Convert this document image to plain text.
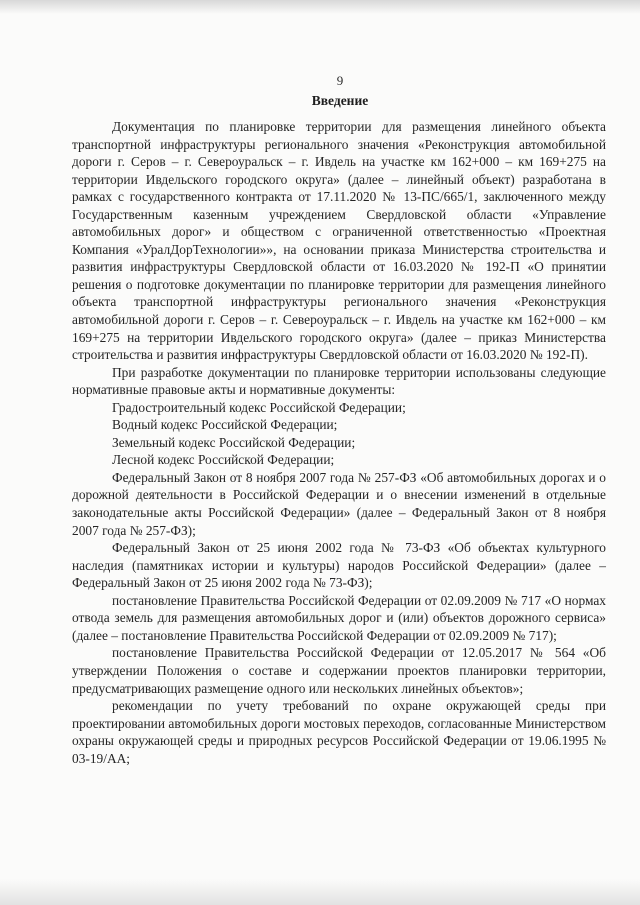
9
Введение

Документация по планировке территории для размещения линейного объекта транспортной инфраструктуры регионального значения «Реконструкция автомобильной дороги г. Серов – г. Североуральск – г. Ивдель на участке км 162+000 – км 169+275 на территории Ивдельского городского округа» (далее – линейный объект) разработана в рамках с государственного контракта от 17.11.2020 № 13-ПС/665/1, заключенного между Государственным казенным учреждением Свердловской области «Управление автомобильных дорог» и обществом с ограниченной ответственностью «Проектная Компания «УралДорТехнологии»», на основании приказа Министерства строительства и развития инфраструктуры Свердловской области от 16.03.2020 № 192-П «О принятии решения о подготовке документации по планировке территории для размещения линейного объекта транспортной инфраструктуры регионального значения «Реконструкция автомобильной дороги г. Серов – г. Североуральск – г. Ивдель на участке км 162+000 – км 169+275 на территории Ивдельского городского округа» (далее – приказ Министерства строительства и развития инфраструктуры Свердловской области от 16.03.2020 № 192-П).

При разработке документации по планировке территории использованы следующие нормативные правовые акты и нормативные документы:

Градостроительный кодекс Российской Федерации;

Водный кодекс Российской Федерации;

Земельный кодекс Российской Федерации;

Лесной кодекс Российской Федерации;

Федеральный Закон от 8 ноября 2007 года № 257-ФЗ «Об автомобильных дорогах и о дорожной деятельности в Российской Федерации и о внесении изменений в отдельные законодательные акты Российской Федерации» (далее – Федеральный Закон от 8 ноября 2007 года № 257-ФЗ);

Федеральный Закон от 25 июня 2002 года № 73-ФЗ «Об объектах культурного наследия (памятниках истории и культуры) народов Российской Федерации» (далее – Федеральный Закон от 25 июня 2002 года № 73-ФЗ);

постановление Правительства Российской Федерации от 02.09.2009 № 717 «О нормах отвода земель для размещения автомобильных дорог и (или) объектов дорожного сервиса» (далее – постановление Правительства Российской Федерации от 02.09.2009 № 717);

постановление Правительства Российской Федерации от 12.05.2017 № 564 «Об утверждении Положения о составе и содержании проектов планировки территории, предусматривающих размещение одного или нескольких линейных объектов»;

рекомендации по учету требований по охране окружающей среды при проектировании автомобильных дороги мостовых переходов, согласованные Министерством охраны окружающей среды и природных ресурсов Российской Федерации от 19.06.1995 № 03-19/АА;
